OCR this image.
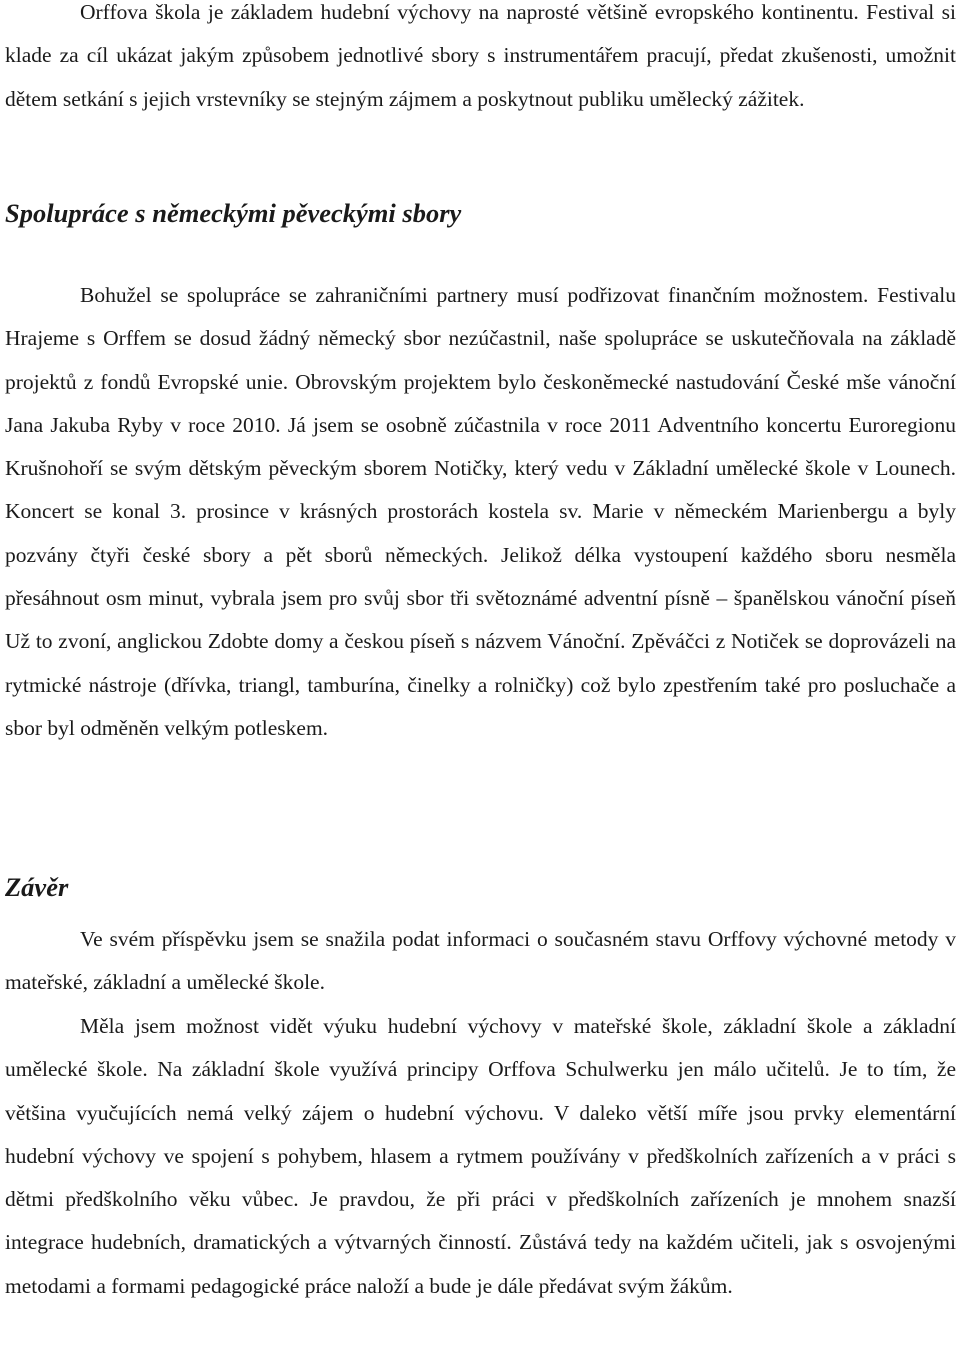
Orffova škola je základem hudební výchovy na naprosté většině evropského kontinentu. Festival si klade za cíl ukázat jakým způsobem jednotlivé sbory s instrumentářem pracují, předat zkušenosti, umožnit dětem setkání s jejich vrstevníky se stejným zájmem a poskytnout publiku umělecký zážitek.

Spolupráce s německými pěveckými sbory

Bohužel se spolupráce se zahraničními partnery musí podřizovat finančním možnostem. Festivalu Hrajeme s Orffem se dosud žádný německý sbor nezúčastnil, naše spolupráce se uskutečňovala na základě projektů z fondů Evropské unie. Obrovským projektem bylo českoněmecké nastudování České mše vánoční Jana Jakuba Ryby v roce 2010. Já jsem se osobně zúčastnila v roce 2011 Adventního koncertu Euroregionu Krušnohoří se svým dětským pěveckým sborem Notičky, který vedu v Základní umělecké škole v Lounech. Koncert se konal 3. prosince v krásných prostorách kostela sv. Marie v německém Marienbergu a byly pozvány čtyři české sbory a pět sborů německých. Jelikož délka vystoupení každého sboru nesměla přesáhnout osm minut, vybrala jsem pro svůj sbor tři světoznámé adventní písně – španělskou vánoční píseň Už to zvoní, anglickou Zdobte domy a českou píseň s názvem Vánoční. Zpěváčci z Notiček se doprovázeli na rytmické nástroje (dřívka, triangl, tamburína, činelky a rolničky) což bylo zpestřením také pro posluchače a sbor byl odměněn velkým potleskem.

Závěr

Ve svém příspěvku jsem se snažila podat informaci o současném stavu Orffovy výchovné metody v mateřské, základní a umělecké škole.

Měla jsem možnost vidět výuku hudební výchovy v mateřské škole, základní škole a základní umělecké škole. Na základní škole využívá principy Orffova Schulwerku jen málo učitelů. Je to tím, že většina vyučujících nemá velký zájem o hudební výchovu. V daleko větší míře jsou prvky elementární hudební výchovy ve spojení s pohybem, hlasem a rytmem používány v předškolních zařízeních a v práci s dětmi předškolního věku vůbec. Je pravdou, že při práci v předškolních zařízeních je mnohem snazší integrace hudebních, dramatických a výtvarných činností. Zůstává tedy na každém učiteli, jak s osvojenými metodami a formami pedagogické práce naloží a bude je dále předávat svým žákům.
